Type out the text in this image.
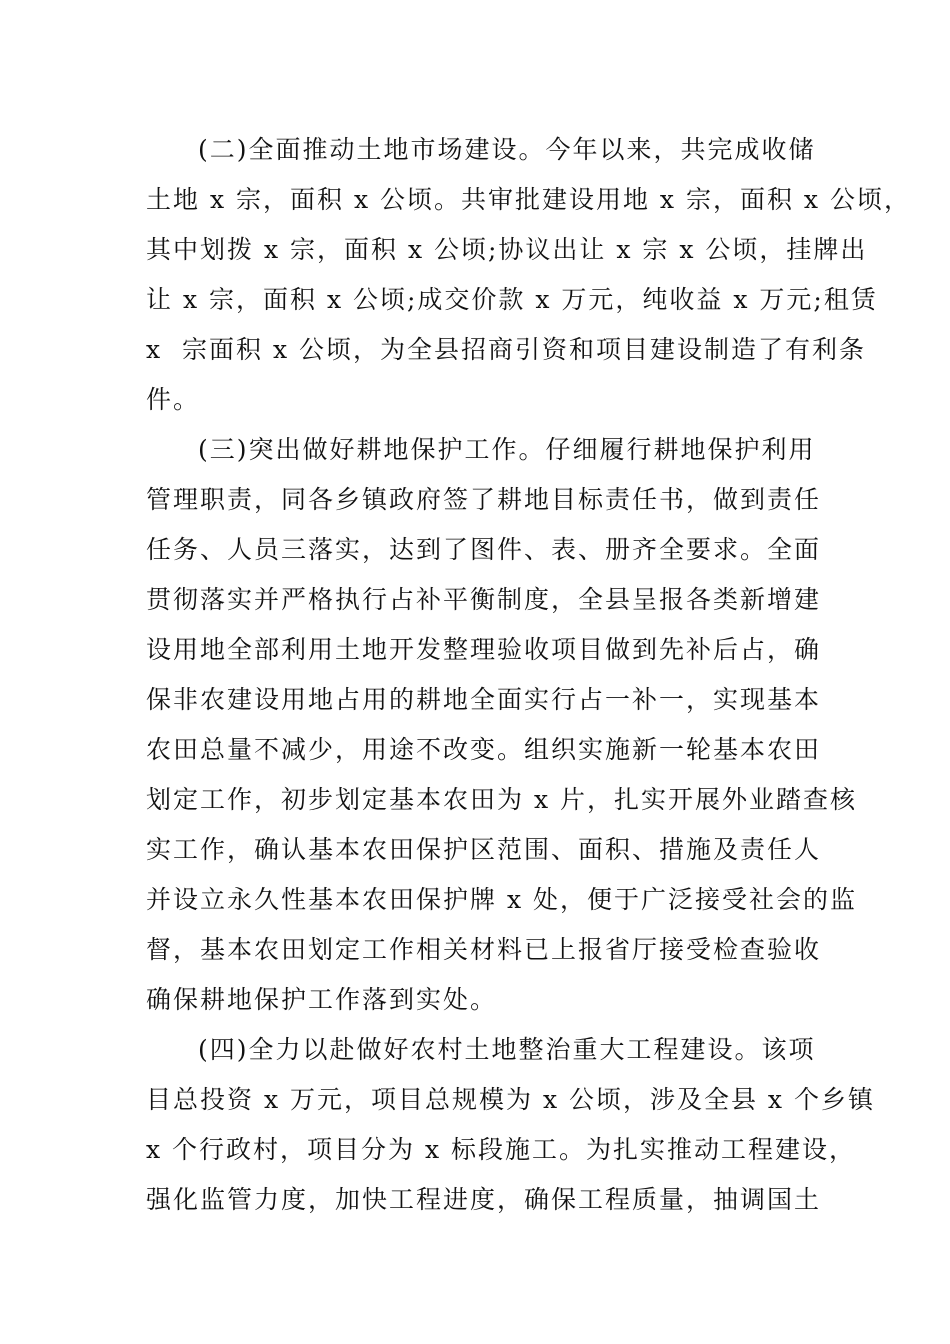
(二)全面推动土地市场建设。今年以来，共完成收储
土地 x 宗，面积 x 公顷。共审批建设用地 x 宗，面积 x 公顷，
其中划拨 x 宗，面积 x 公顷;协议出让 x 宗 x 公顷，挂牌出
让 x 宗，面积 x 公顷;成交价款 x 万元，纯收益 x 万元;租赁
x  宗面积 x 公顷，为全县招商引资和项目建设制造了有利条
件。
(三)突出做好耕地保护工作。仔细履行耕地保护利用
管理职责，同各乡镇政府签了耕地目标责任书，做到责任
任务、人员三落实，达到了图件、表、册齐全要求。全面
贯彻落实并严格执行占补平衡制度，全县呈报各类新增建
设用地全部利用土地开发整理验收项目做到先补后占，确
保非农建设用地占用的耕地全面实行占一补一，实现基本
农田总量不减少，用途不改变。组织实施新一轮基本农田
划定工作，初步划定基本农田为 x 片，扎实开展外业踏查核
实工作，确认基本农田保护区范围、面积、措施及责任人
并设立永久性基本农田保护牌 x 处，便于广泛接受社会的监
督，基本农田划定工作相关材料已上报省厅接受检查验收
确保耕地保护工作落到实处。
(四)全力以赴做好农村土地整治重大工程建设。该项
目总投资 x 万元，项目总规模为 x 公顷，涉及全县 x 个乡镇
x 个行政村，项目分为 x 标段施工。为扎实推动工程建设，
强化监管力度，加快工程进度，确保工程质量，抽调国土
